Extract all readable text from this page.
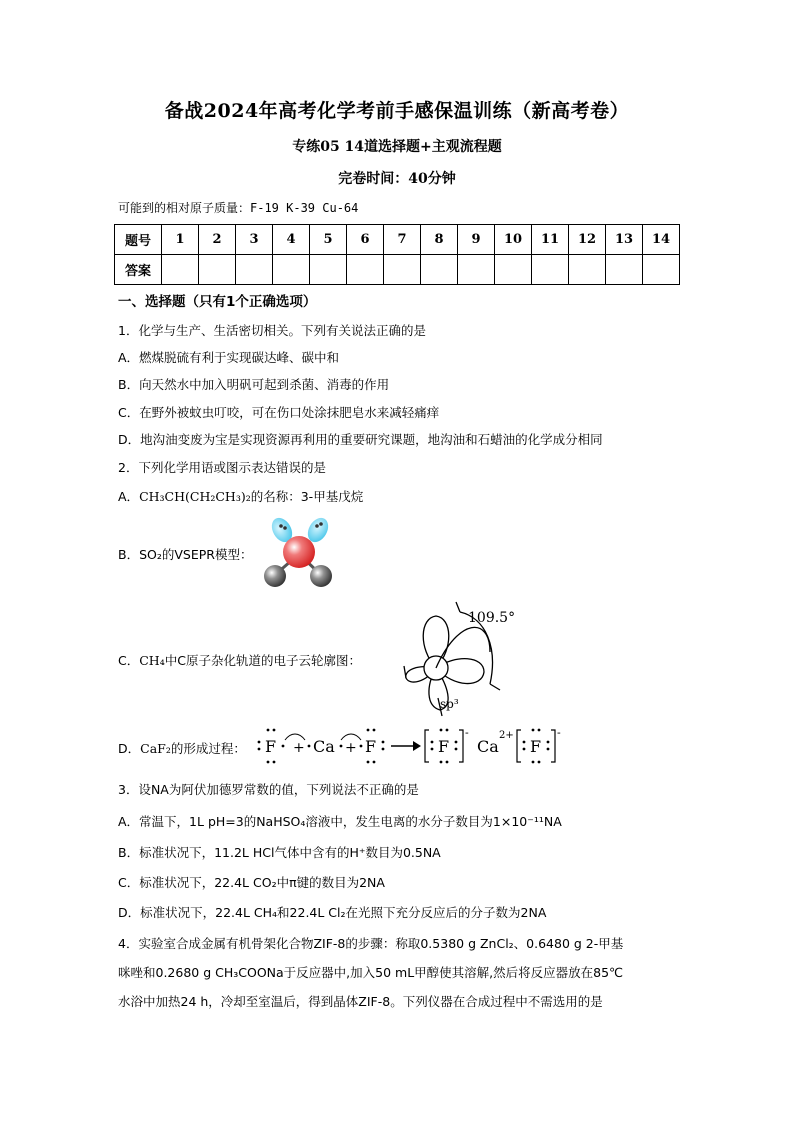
备战2024年高考化学考前手感保温训练（新高考卷）
专练05 14道选择题+主观流程题
完卷时间：40分钟
可能到的相对原子质量：F-19 K-39 Cu-64
题号	1	2	3	4	5	6	7	8	9	10	11	12	13	14
答案														
一、选择题（只有1个正确选项）
1．化学与生产、生活密切相关。下列有关说法正确的是
A．燃煤脱硫有利于实现碳达峰、碳中和
B．向天然水中加入明矾可起到杀菌、消毒的作用
C．在野外被蚊虫叮咬，可在伤口处涂抹肥皂水来减轻痛痒
D．地沟油变废为宝是实现资源再利用的重要研究课题，地沟油和石蜡油的化学成分相同
2．下列化学用语或图示表达错误的是
A．CH₃CH(CH₂CH₃)₂的名称：3-甲基戊烷
B．SO₂的VSEPR模型：
C．CH₄中C原子杂化轨道的电子云轮廓图：
109.5°
sp³
D．CaF₂的形成过程： F + Ca + F	F
-
Ca
2+
F
-
3．设NA为阿伏加德罗常数的值，下列说法不正确的是
A．常温下，1L pH=3的NaHSO₄溶液中，发生电离的水分子数目为1×10⁻¹¹NA
B．标准状况下，11.2L HCl气体中含有的H⁺数目为0.5NA
C．标准状况下，22.4L CO₂中π键的数目为2NA
D．标准状况下，22.4L CH₄和22.4L Cl₂在光照下充分反应后的分子数为2NA
4．实验室合成金属有机骨架化合物ZIF-8的步骤：称取0.5380 g ZnCl₂、0.6480 g 2-甲基
咪唑和0.2680 g CH₃COONa于反应器中,加入50 mL甲醇使其溶解,然后将反应器放在85℃
水浴中加热24 h，冷却至室温后，得到晶体ZIF-8。下列仪器在合成过程中不需选用的是
